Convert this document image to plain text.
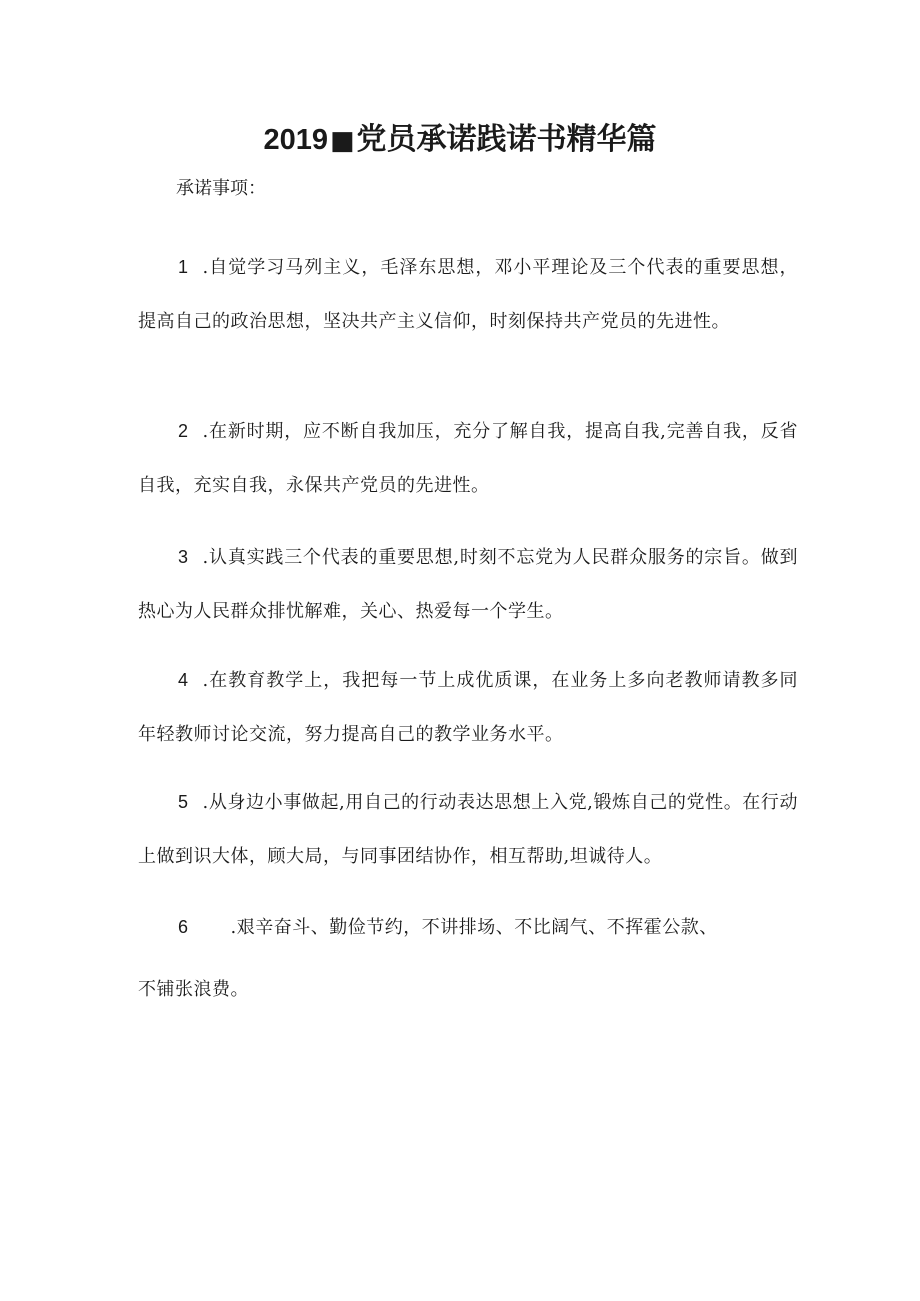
2019■党员承诺践诺书精华篇
承诺事项：
1 .自觉学习马列主义，毛泽东思想，邓小平理论及三个代表的重要思想，提高自己的政治思想，坚决共产主义信仰，时刻保持共产党员的先进性。
2 .在新时期，应不断自我加压，充分了解自我，提高自我,完善自我，反省自我，充实自我，永保共产党员的先进性。
3 .认真实践三个代表的重要思想,时刻不忘党为人民群众服务的宗旨。做到热心为人民群众排忧解难，关心、热爱每一个学生。
4 .在教育教学上，我把每一节上成优质课，在业务上多向老教师请教多同年轻教师讨论交流，努力提高自己的教学业务水平。
5 .从身边小事做起,用自己的行动表达思想上入党,锻炼自己的党性。在行动上做到识大体，顾大局，与同事团结协作，相互帮助,坦诚待人。
6 .艰辛奋斗、勤俭节约，不讲排场、不比阔气、不挥霍公款、
不铺张浪费。
